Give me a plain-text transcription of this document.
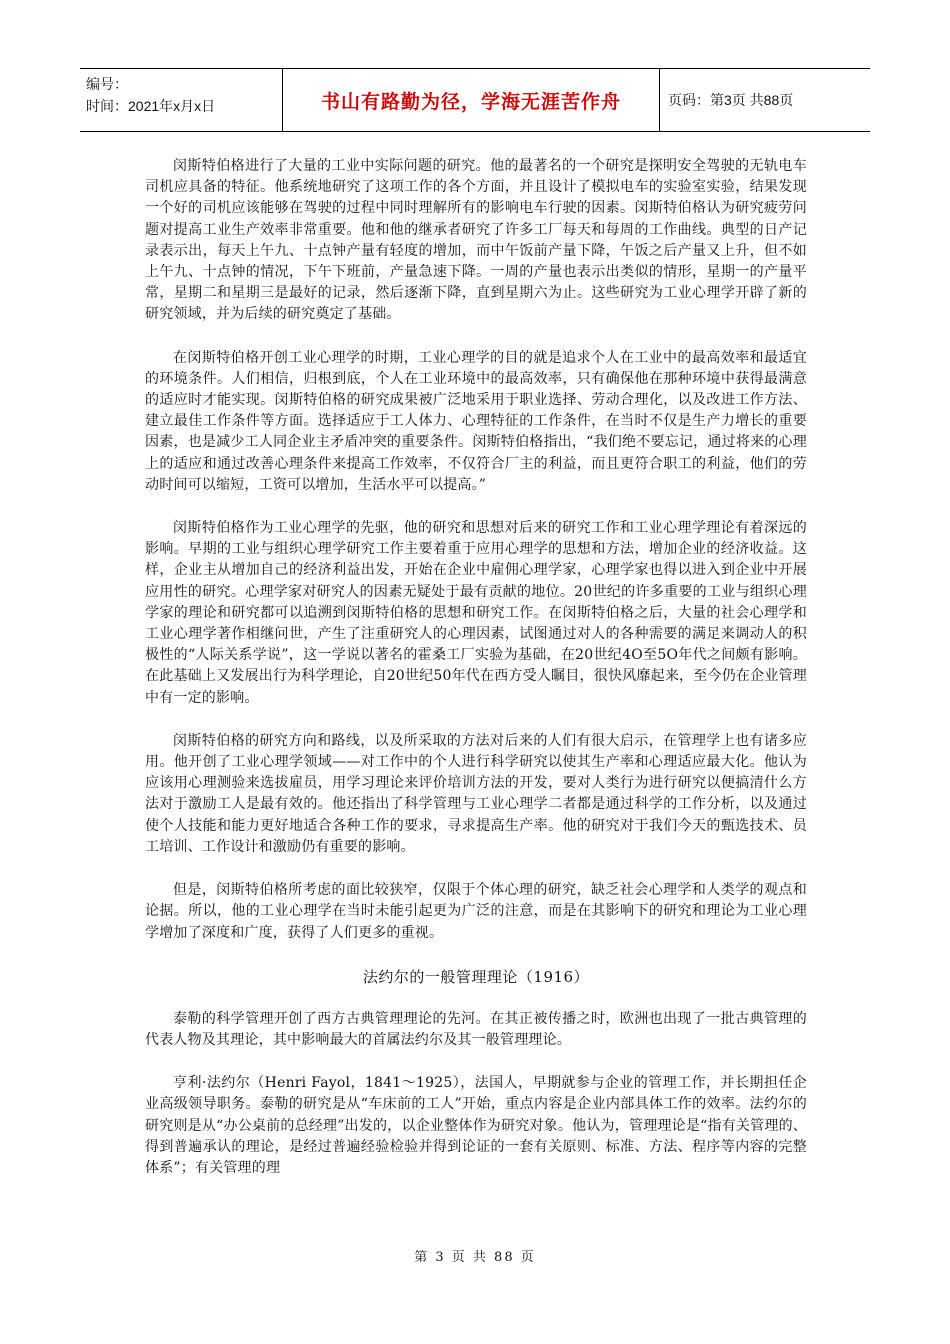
编号：
时间：2021年x月x日	书山有路勤为径，学海无涯苦作舟	页码：第3页 共88页

闵斯特伯格进行了大量的工业中实际问题的研究。他的最著名的一个研究是探明安全驾驶的无轨电车司机应具备的特征。他系统地研究了这项工作的各个方面，并且设计了模拟电车的实验室实验，结果发现一个好的司机应该能够在驾驶的过程中同时理解所有的影响电车行驶的因素。闵斯特伯格认为研究疲劳问题对提高工业生产效率非常重要。他和他的继承者研究了许多工厂每天和每周的工作曲线。典型的日产记录表示出，每天上午九、十点钟产量有轻度的增加，而中午饭前产量下降，午饭之后产量又上升，但不如上午九、十点钟的情况，下午下班前，产量急速下降。一周的产量也表示出类似的情形，星期一的产量平常，星期二和星期三是最好的记录，然后逐渐下降，直到星期六为止。这些研究为工业心理学开辟了新的研究领域，并为后续的研究奠定了基础。

在闵斯特伯格开创工业心理学的时期，工业心理学的目的就是追求个人在工业中的最高效率和最适宜的环境条件。人们相信，归根到底，个人在工业环境中的最高效率，只有确保他在那种环境中获得最满意的适应时才能实现。闵斯特伯格的研究成果被广泛地采用于职业选择、劳动合理化，以及改进工作方法、建立最佳工作条件等方面。选择适应于工人体力、心理特征的工作条件，在当时不仅是生产力增长的重要因素，也是减少工人同企业主矛盾冲突的重要条件。闵斯特伯格指出，“我们绝不要忘记，通过将来的心理上的适应和通过改善心理条件来提高工作效率，不仅符合厂主的利益，而且更符合职工的利益，他们的劳动时间可以缩短，工资可以增加，生活水平可以提高。”

闵斯特伯格作为工业心理学的先驱，他的研究和思想对后来的研究工作和工业心理学理论有着深远的影响。早期的工业与组织心理学研究工作主要着重于应用心理学的思想和方法，增加企业的经济收益。这样，企业主从增加自己的经济利益出发，开始在企业中雇佣心理学家，心理学家也得以进入到企业中开展应用性的研究。心理学家对研究人的因素无疑处于最有贡献的地位。20世纪的许多重要的工业与组织心理学家的理论和研究都可以追溯到闵斯特伯格的思想和研究工作。在闵斯特伯格之后，大量的社会心理学和工业心理学著作相继问世，产生了注重研究人的心理因素，试图通过对人的各种需要的满足来调动人的积极性的“人际关系学说”，这一学说以著名的霍桑工厂实验为基础，在20世纪4O至5O年代之间颇有影响。在此基础上又发展出行为科学理论，自20世纪50年代在西方受人瞩目，很快风靡起来，至今仍在企业管理中有一定的影响。

闵斯特伯格的研究方向和路线，以及所采取的方法对后来的人们有很大启示，在管理学上也有诸多应用。他开创了工业心理学领域——对工作中的个人进行科学研究以使其生产率和心理适应最大化。他认为应该用心理测验来选拔雇员，用学习理论来评价培训方法的开发，要对人类行为进行研究以便搞清什么方法对于激励工人是最有效的。他还指出了科学管理与工业心理学二者都是通过科学的工作分析，以及通过使个人技能和能力更好地适合各种工作的要求，寻求提高生产率。他的研究对于我们今天的甄选技术、员工培训、工作设计和激励仍有重要的影响。

但是，闵斯特伯格所考虑的面比较狭窄，仅限于个体心理的研究，缺乏社会心理学和人类学的观点和论据。所以，他的工业心理学在当时未能引起更为广泛的注意，而是在其影响下的研究和理论为工业心理学增加了深度和广度，获得了人们更多的重视。

法约尔的一般管理理论（1916）

泰勒的科学管理开创了西方古典管理理论的先河。在其正被传播之时，欧洲也出现了一批古典管理的代表人物及其理论，其中影响最大的首属法约尔及其一般管理理论。

亨利·法约尔（Henri Fayol，1841～1925），法国人，早期就参与企业的管理工作，并长期担任企业高级领导职务。泰勒的研究是从“车床前的工人”开始，重点内容是企业内部具体工作的效率。法约尔的研究则是从“办公桌前的总经理”出发的，以企业整体作为研究对象。他认为，管理理论是“指有关管理的、得到普遍承认的理论，是经过普遍经验检验并得到论证的一套有关原则、标准、方法、程序等内容的完整体系”；有关管理的理

第 3 页 共 88 页
